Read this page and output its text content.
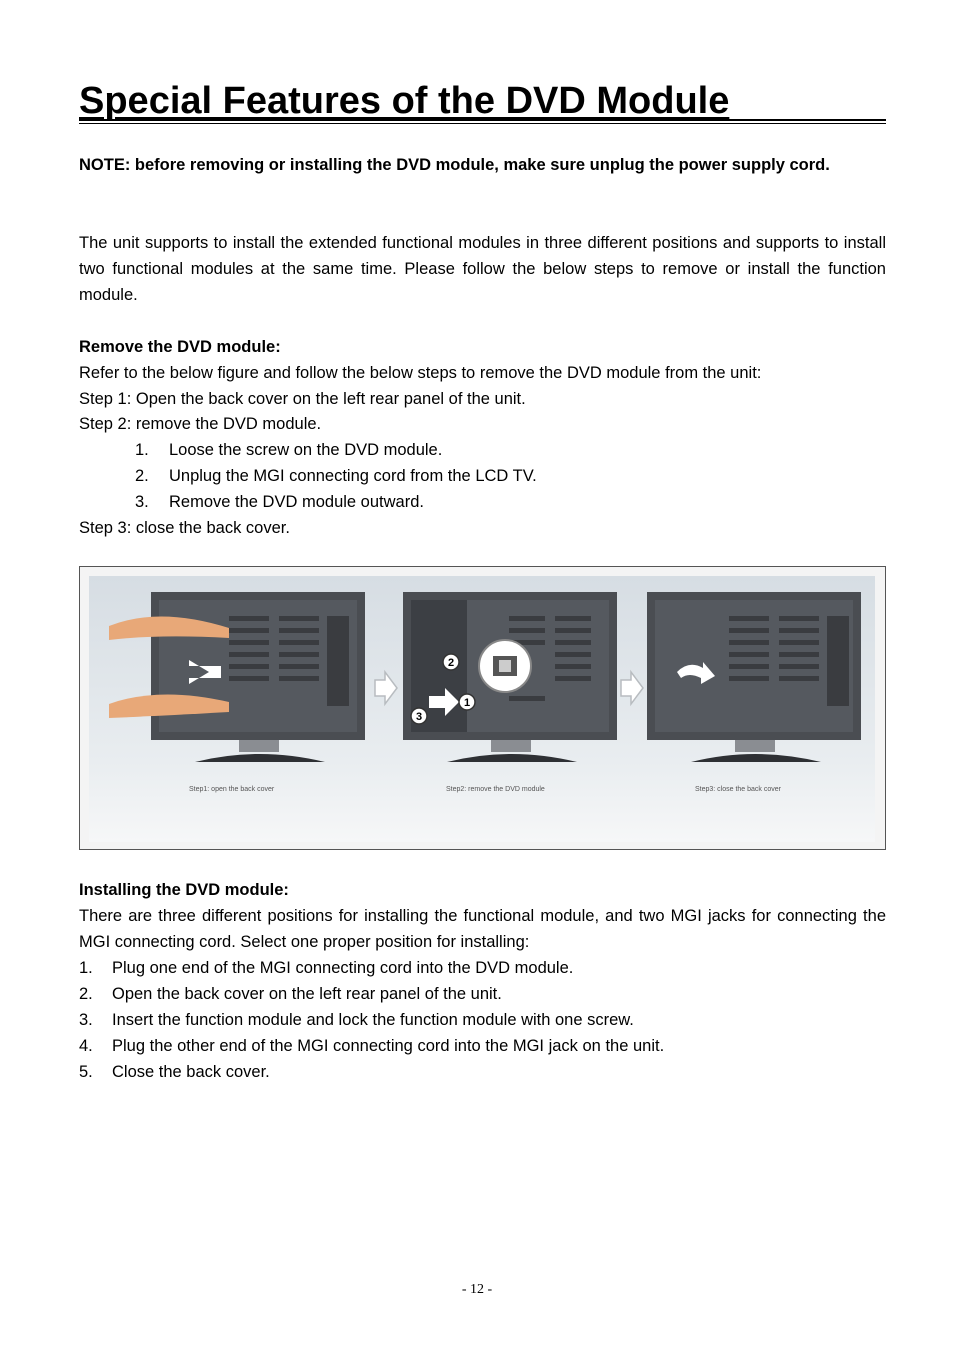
Special Features of the DVD Module

NOTE: before removing or installing the DVD module, make sure unplug the power supply cord.

The unit supports to install the extended functional modules in three different positions and supports to install two functional modules at the same time. Please follow the below steps to remove or install the function module.

Remove the DVD module:
Refer to the below figure and follow the below steps to remove the DVD module from the unit:
Step 1: Open the back cover on the left rear panel of the unit.
Step 2: remove the DVD module.
1. Loose the screw on the DVD module.
2. Unplug the MGI connecting cord from the LCD TV.
3. Remove the DVD module outward.
Step 3: close the back cover.
2
1
3
Step1: open the back cover	Step2: remove the DVD module	Step3: close the back cover
Installing the DVD module:

There are three different positions for installing the functional module, and two MGI jacks for connecting the MGI connecting cord. Select one proper position for installing:

1. Plug one end of the MGI connecting cord into the DVD module.
2. Open the back cover on the left rear panel of the unit.
3. Insert the function module and lock the function module with one screw.
4. Plug the other end of the MGI connecting cord into the MGI jack on the unit.
5. Close the back cover.
- 12 -
